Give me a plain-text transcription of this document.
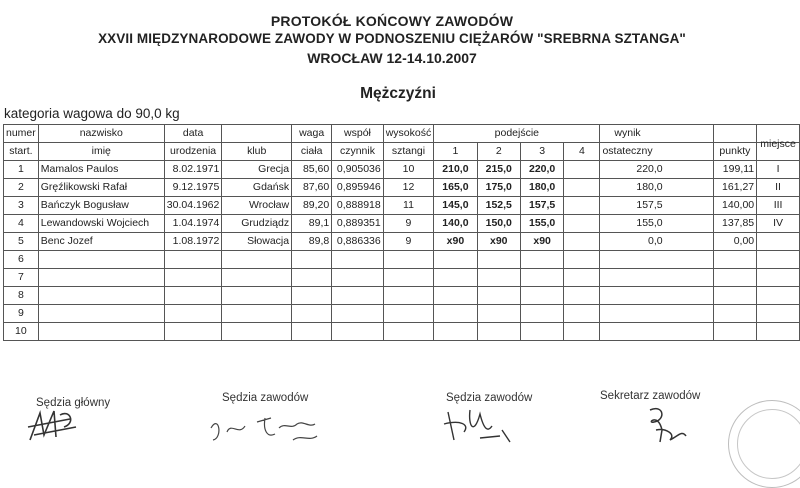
PROTOKÓŁ KOŃCOWY ZAWODÓW
XXVII MIĘDZYNARODOWE ZAWODY W PODNOSZENIU CIĘŻARÓW "SREBRNA SZTANGA"
WROCŁAW 12-14.10.2007
Mężczyźni
kategoria wagowa do 90,0 kg
numer	nazwisko	data		waga	współ	wysokość	podejście				wynik		
start.	imię	urodzenia	klub	ciała	czynnik	sztangi	1	2	3	4	ostateczny	punkty	miejsce
1	Mamalos Paulos	8.02.1971	Grecja	85,60	0,905036	10	210,0	215,0	220,0		220,0	199,11	I
2	Gręźlikowski Rafał	9.12.1975	Gdańsk	87,60	0,895946	12	165,0	175,0	180,0		180,0	161,27	II
3	Bańczyk Bogusław	30.04.1962	Wrocław	89,20	0,888918	11	145,0	152,5	157,5		157,5	140,00	III
4	Lewandowski Wojciech	1.04.1974	Grudziądz	89,1	0,889351	9	140,0	150,0	155,0		155,0	137,85	IV
5	Benc Jozef	1.08.1972	Słowacja	89,8	0,886336	9	x90	x90	x90		0,0	0,00	
6													
7													
8													
9													
10													
Sędzia główny	Sędzia zawodów	Sędzia zawodów	Sekretarz zawodów
